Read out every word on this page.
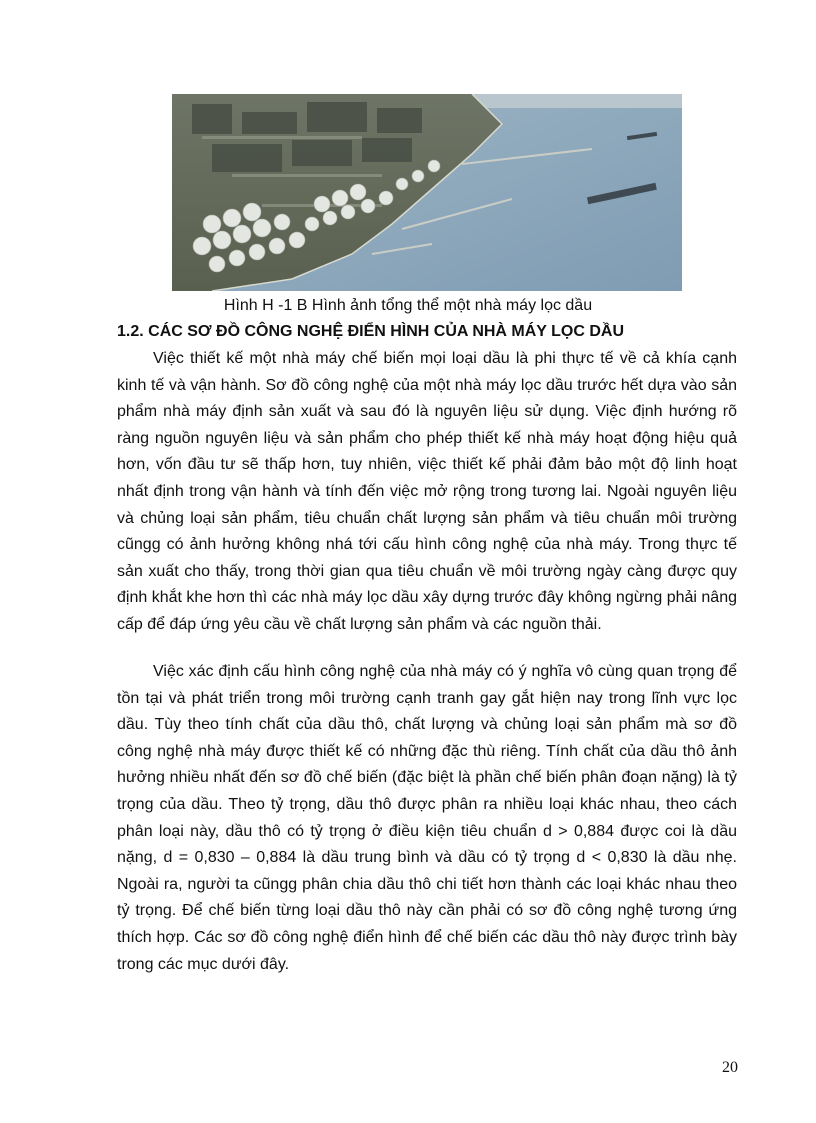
Hình H -1 B Hình ảnh tổng thể một nhà máy lọc dầu
1.2. CÁC SƠ ĐỒ CÔNG NGHỆ ĐIỂN HÌNH CỦA NHÀ MÁY LỌC DẦU

Việc thiết kế một nhà máy chế biến mọi loại dầu là phi thực tế về cả khía cạnh kinh tế và vận hành. Sơ đồ công nghệ của một nhà máy lọc dầu trước hết dựa vào sản phẩm nhà máy định sản xuất và sau đó là nguyên liệu sử dụng. Việc định hướng rõ ràng nguồn nguyên liệu và sản phẩm cho phép thiết kế nhà máy hoạt động hiệu quả hơn, vốn đầu tư sẽ thấp hơn, tuy nhiên, việc thiết kế phải đảm bảo một độ linh hoạt nhất định trong vận hành và tính đến việc mở rộng trong tương lai. Ngoài nguyên liệu và chủng loại sản phẩm, tiêu chuẩn chất lượng sản phẩm và tiêu chuẩn môi trường cũngg có ảnh hưởng không nhá tới cấu hình công nghệ của nhà máy. Trong thực tế sản xuất cho thấy, trong thời gian qua tiêu chuẩn về môi trường ngày càng được quy định khắt khe hơn thì các nhà máy lọc dầu xây dựng trước đây không ngừng phải nâng cấp để đáp ứng yêu cầu về chất lượng sản phẩm và các nguồn thải.

Việc xác định cấu hình công nghệ của nhà máy có ý nghĩa vô cùng quan trọng để tồn tại và phát triển trong môi trường cạnh tranh gay gắt hiện nay trong lĩnh vực lọc dầu. Tùy theo tính chất của dầu thô, chất lượng và chủng loại sản phẩm mà sơ đồ công nghệ nhà máy được thiết kế có những đặc thù riêng. Tính chất của dầu thô ảnh hưởng nhiều nhất đến sơ đồ chế biến (đặc biệt là phần chế biến phân đoạn nặng) là tỷ trọng của dầu. Theo tỷ trọng, dầu thô được phân ra nhiều loại khác nhau, theo cách phân loại này, dầu thô có tỷ trọng ở điều kiện tiêu chuẩn d > 0,884 được coi là dầu nặng, d = 0,830 – 0,884 là dầu trung bình và dầu có tỷ trọng d < 0,830 là dầu nhẹ. Ngoài ra, người ta cũngg phân chia dầu thô chi tiết hơn thành các loại khác nhau theo tỷ trọng. Để chế biến từng loại dầu thô này cần phải có sơ đồ công nghệ tương ứng thích hợp. Các sơ đồ công nghệ điển hình để chế biến các dầu thô này được trình bày trong các mục dưới đây.

20
